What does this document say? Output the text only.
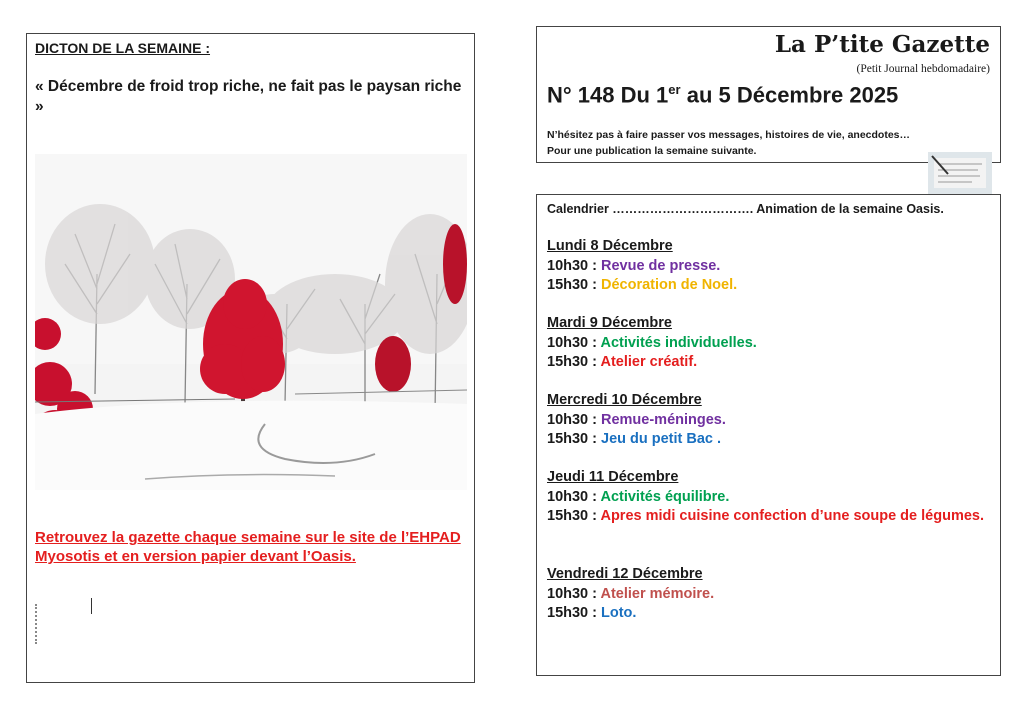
DICTON DE LA SEMAINE :
« Décembre de froid trop riche, ne fait pas le paysan riche »
Retrouvez la gazette chaque semaine sur le site de l’EHPAD Myosotis et en version papier devant l’Oasis.
La P’tite Gazette
(Petit Journal hebdomadaire)
N° 148 Du 1er au 5 Décembre 2025
N’hésitez pas à faire passer vos messages, histoires de vie, anecdotes…
Pour une publication la semaine suivante.
Calendrier ……………………………. Animation de la semaine Oasis.
Lundi 8 Décembre
10h30 : Revue de presse.
15h30 : Décoration de Noel.
Mardi 9 Décembre
10h30 : Activités individuelles.
15h30 : Atelier créatif.
Mercredi 10 Décembre
10h30 : Remue-méninges.
15h30 : Jeu du petit Bac .
Jeudi 11 Décembre
10h30 : Activités équilibre.
15h30 : Apres midi cuisine confection d’une soupe de légumes.
Vendredi 12 Décembre
10h30 : Atelier mémoire.
15h30 : Loto.
